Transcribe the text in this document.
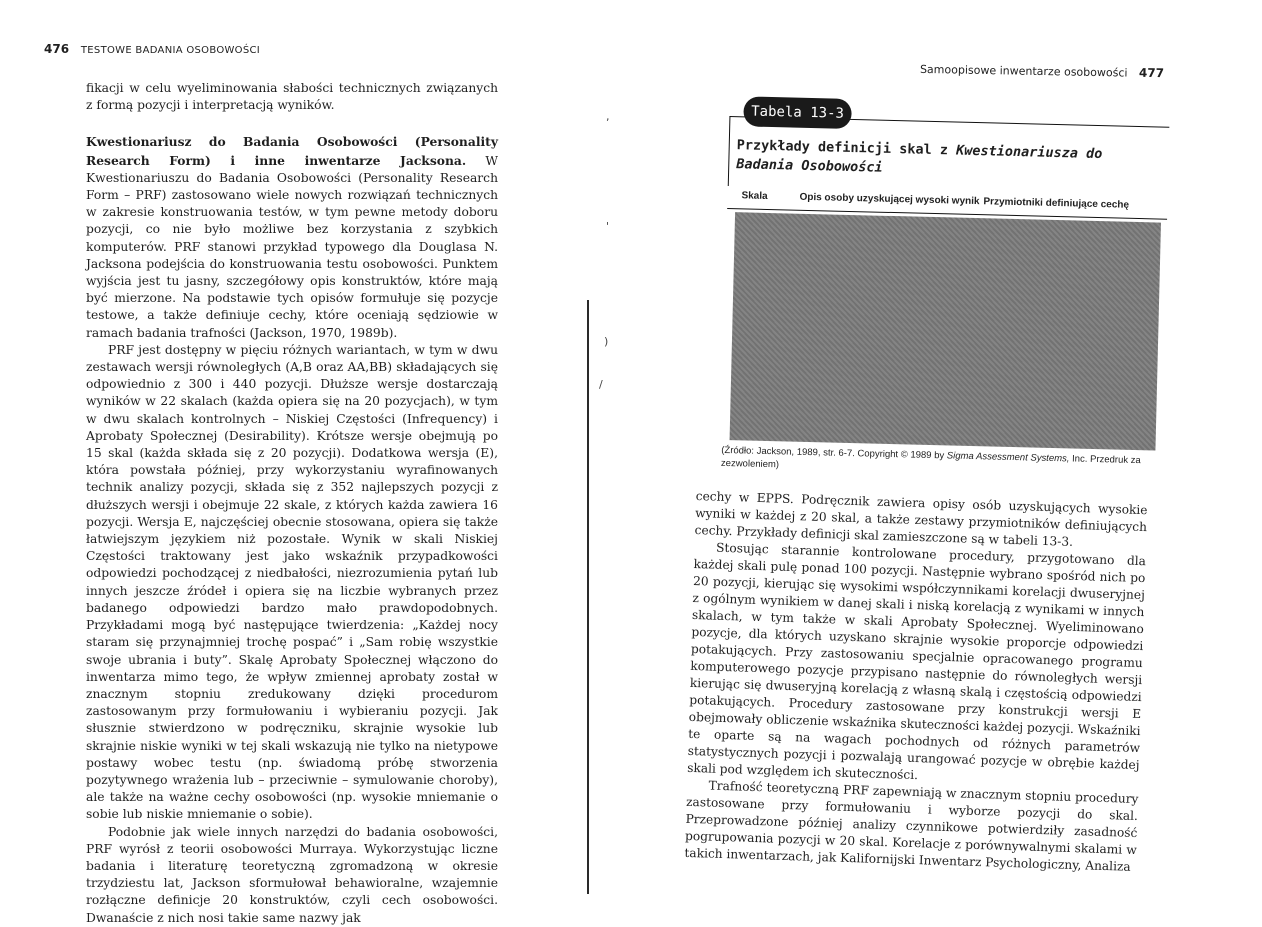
476 TESTOWE BADANIA OSOBOWOŚCI

fikacji w celu wyeliminowania słabości technicznych związanych z formą pozycji i interpretacją wyników.

Kwestionariusz do Badania Osobowości (Personality Research Form) i inne inwentarze Jacksona. W Kwestionariuszu do Badania Osobowości (Personality Research Form – PRF) zastosowano wiele nowych rozwiązań technicznych w zakresie konstruowania testów, w tym pewne metody doboru pozycji, co nie było możliwe bez korzystania z szybkich komputerów. PRF stanowi przykład typowego dla Douglasa N. Jacksona podejścia do konstruowania testu osobowości. Punktem wyjścia jest tu jasny, szczegółowy opis konstruktów, które mają być mierzone. Na podstawie tych opisów formułuje się pozycje testowe, a także definiuje cechy, które oceniają sędziowie w ramach badania trafności (Jackson, 1970, 1989b).

PRF jest dostępny w pięciu różnych wariantach, w tym w dwu zestawach wersji równoległych (A,B oraz AA,BB) składających się odpowiednio z 300 i 440 pozycji. Dłuższe wersje dostarczają wyników w 22 skalach (każda opiera się na 20 pozycjach), w tym w dwu skalach kontrolnych – Niskiej Częstości (Infrequency) i Aprobaty Społecznej (Desirability). Krótsze wersje obejmują po 15 skal (każda składa się z 20 pozycji). Dodatkowa wersja (E), która powstała później, przy wykorzystaniu wyrafinowanych technik analizy pozycji, składa się z 352 najlepszych pozycji z dłuższych wersji i obejmuje 22 skale, z których każda zawiera 16 pozycji. Wersja E, najczęściej obecnie stosowana, opiera się także łatwiejszym językiem niż pozostałe. Wynik w skali Niskiej Częstości traktowany jest jako wskaźnik przypadkowości odpowiedzi pochodzącej z niedbałości, niezrozumienia pytań lub innych jeszcze źródeł i opiera się na liczbie wybranych przez badanego odpowiedzi bardzo mało prawdopodobnych. Przykładami mogą być następujące twierdzenia: „Każdej nocy staram się przynajmniej trochę pospać” i „Sam robię wszystkie swoje ubrania i buty”. Skalę Aprobaty Społecznej włączono do inwentarza mimo tego, że wpływ zmiennej aprobaty został w znacznym stopniu zredukowany dzięki procedurom zastosowanym przy formułowaniu i wybieraniu pozycji. Jak słusznie stwierdzono w podręczniku, skrajnie wysokie lub skrajnie niskie wyniki w tej skali wskazują nie tylko na nietypowe postawy wobec testu (np. świadomą próbę stworzenia pozytywnego wrażenia lub – przeciwnie – symulowanie choroby), ale także na ważne cechy osobowości (np. wysokie mniemanie o sobie lub niskie mniemanie o sobie).

Podobnie jak wiele innych narzędzi do badania osobowości, PRF wyrósł z teorii osobowości Murraya. Wykorzystując liczne badania i literaturę teoretyczną zgromadzoną w okresie trzydziestu lat, Jackson sformułował behawioralne, wzajemnie rozłączne definicje 20 konstruktów, czyli cech osobowości. Dwanaście z nich nosi takie same nazwy jak

,
'
)
/
Samoopisowe inwentarze osobowości 477
Tabela 13-3
Przykłady definicji skal z Kwestionariusza do Badania Osobowości
Skala	Opis osoby uzyskującej wysoki wynik Przymiotniki definiujące cechę
(Źródło: Jackson, 1989, str. 6-7. Copyright © 1989 by Sigma Assessment Systems, Inc. Przedruk za zezwoleniem)

cechy w EPPS. Podręcznik zawiera opisy osób uzyskujących wysokie wyniki w każdej z 20 skal, a także zestawy przymiotników definiujących cechy. Przykłady definicji skal zamieszczone są w tabeli 13-3.

Stosując starannie kontrolowane procedury, przygotowano dla każdej skali pulę ponad 100 pozycji. Następnie wybrano spośród nich po 20 pozycji, kierując się wysokimi współczynnikami korelacji dwuseryjnej z ogólnym wynikiem w danej skali i niską korelacją z wynikami w innych skalach, w tym także w skali Aprobaty Społecznej. Wyeliminowano pozycje, dla których uzyskano skrajnie wysokie proporcje odpowiedzi potakujących. Przy zastosowaniu specjalnie opracowanego programu komputerowego pozycje przypisano następnie do równoległych wersji kierując się dwuseryjną korelacją z własną skalą i częstością odpowiedzi potakujących. Procedury zastosowane przy konstrukcji wersji E obejmowały obliczenie wskaźnika skuteczności każdej pozycji. Wskaźniki te oparte są na wagach pochodnych od różnych parametrów statystycznych pozycji i pozwalają urangować pozycje w obrębie każdej skali pod względem ich skuteczności.

Trafność teoretyczną PRF zapewniają w znacznym stopniu procedury zastosowane przy formułowaniu i wyborze pozycji do skal. Przeprowadzone później analizy czynnikowe potwierdziły zasadność pogrupowania pozycji w 20 skal. Korelacje z porównywalnymi skalami w takich inwentarzach, jak Kalifornijski Inwentarz Psychologiczny, Analiza
